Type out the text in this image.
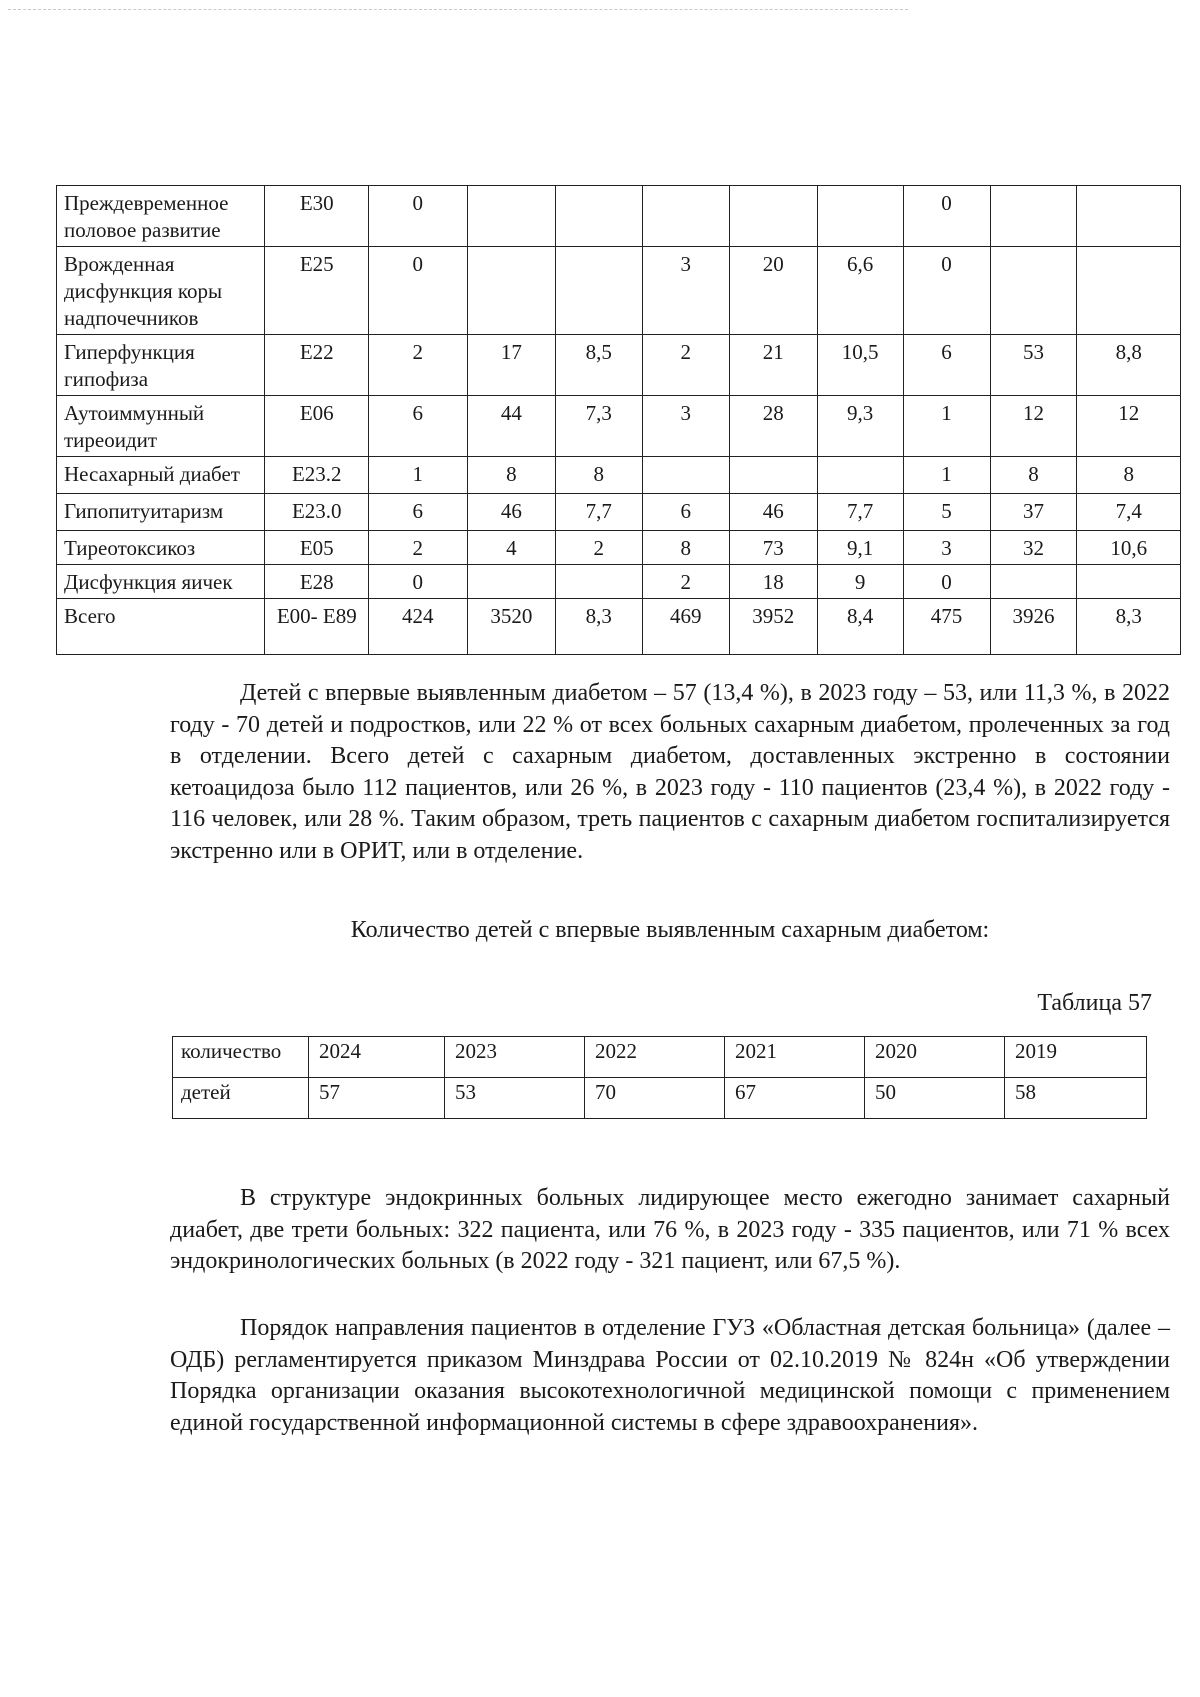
Преждевременное половое развитие	Е30	0						0		
Врожденная дисфункция коры надпочечников	Е25	0			3	20	6,6	0		
Гиперфункция гипофиза	Е22	2	17	8,5	2	21	10,5	6	53	8,8
Аутоиммунный тиреоидит	Е06	6	44	7,3	3	28	9,3	1	12	12
Несахарный диабет	Е23.2	1	8	8				1	8	8
Гипопитуитаризм	Е23.0	6	46	7,7	6	46	7,7	5	37	7,4
Тиреотоксикоз	Е05	2	4	2	8	73	9,1	3	32	10,6
Дисфункция яичек	Е28	0			2	18	9	0		
Всего	Е00- Е89	424	3520	8,3	469	3952	8,4	475	3926	8,3

Детей с впервые выявленным диабетом – 57 (13,4 %), в 2023 году – 53, или 11,3 %, в 2022 году - 70 детей и подростков, или 22 % от всех больных сахарным диабетом, пролеченных за год в отделении. Всего детей с сахарным диабетом, доставленных экстренно в состоянии кетоацидоза было 112 пациентов, или 26 %, в 2023 году - 110 пациентов (23,4 %), в 2022 году - 116 человек, или 28 %. Таким образом, треть пациентов с сахарным диабетом госпитализируется экстренно или в ОРИТ, или в отделение.

Количество детей с впервые выявленным сахарным диабетом:

Таблица 57

количество	2024	2023	2022	2021	2020	2019
детей	57	53	70	67	50	58

В структуре эндокринных больных лидирующее место ежегодно занимает сахарный диабет, две трети больных: 322 пациента, или 76 %, в 2023 году - 335 пациентов, или 71 % всех эндокринологических больных (в 2022 году - 321 пациент, или 67,5 %).

Порядок направления пациентов в отделение ГУЗ «Областная детская больница» (далее – ОДБ) регламентируется приказом Минздрава России от 02.10.2019 № 824н «Об утверждении Порядка организации оказания высокотехнологичной медицинской помощи с применением единой государственной информационной системы в сфере здравоохранения».
